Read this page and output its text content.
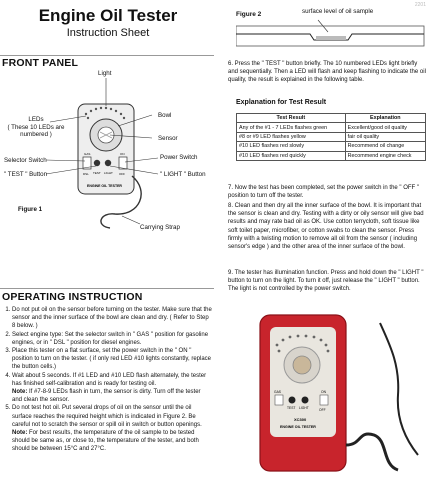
2201
Engine Oil Tester
Instruction Sheet
FRONT PANEL
GAS
DSL TEST LIGHT
ON
OFF
ENGINE OIL TESTER
Light
LEDs
( These 10 LEDs are
numbered )
Bowl
Sensor
Selector Switch
" TEST " Button
Power Switch
" LIGHT " Button
Figure 1
Carrying Strap
OPERATING INSTRUCTION
1. Do not put oil on the sensor before turning on the tester. Make sure that the sensor and the inner surface of the bowl are clean and dry. ( Refer to Step 8 below. )
2. Select engine type: Set the selector switch in " GAS " position for gasoline engines, or in " DSL " position for diesel engines.
3. Place this tester on a flat surface, set the power switch in the " ON " position to turn on the tester. ( if only red LED #10 lights constantly, replace the button cells.)
4. Wait about 5 seconds. If #1 LED and #10 LED flash alternately, the tester has finished self-calibration and is ready for testing oil.
Note: If #7-8-9 LEDs flash in turn, the sensor is dirty. Turn off the tester and clean the sensor.
5. Do not test hot oil. Put several drops of oil on the sensor until the oil surface reaches the required height which is indicated in Figure 2. Be careful not to scratch the sensor or spill oil in switch or button openings.
Note: For best results, the temperature of the oil sample to be tested should be same as, or close to, the temperature of the tester, and both should be between 15°C and 27°C.
Figure 2	surface level of oil sample
6. Press the " TEST " button briefly. The 10 numbered LEDs light briefly and sequentially. Then a LED will flash and keep flashing to indicate the oil quality, the result is explained in the following table.
Explanation for Test Result
Test Result	Explanation
Any of the #1 - 7 LEDs flashes green	Excellent/good oil quality
#8 or #9 LED flashes yellow	fair oil quality
#10 LED flashes red slowly	Recommend oil change
#10 LED flashes red quickly	Recommend engine check
7. Now the test has been completed, set the power switch in the " OFF " position to turn off the tester.
8. Clean and then dry all the inner surface of the bowl. It is important that the sensor is clean and dry. Testing with a dirty or oily sensor will give bad results and may rate bad oil as OK. Use cotton terrycloth, soft tissue like soft toilet paper, microfiber, or cotton swabs to clean the sensor. Press firmly with a twisting motion to remove all oil from the sensor ( including sensor's edge ) and the other area of the inner surface of the bowl.
9. The tester has illumination function. Press and hold down the " LIGHT " button to turn on the light. To turn it off, just release the " LIGHT " button. The light is not controlled by the power switch.
GAS
TEST LIGHT
ON
OFF
XC300
ENGINE OIL TESTER
